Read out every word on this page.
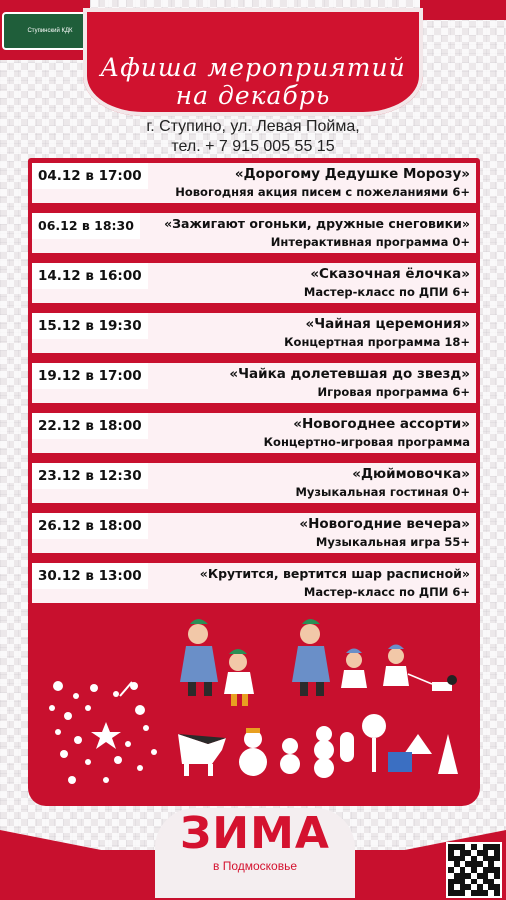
Ступинский КДК
Афиша мероприятий
на декабрь
г. Ступино, ул. Левая Пойма,
тел. + 7 915 005 55 15
04.12 в 17:00	«Дорогому Дедушке Морозу»
Новогодняя акция писем с пожеланиями 6+
06.12 в 18:30	«Зажигают огоньки, дружные снеговики»
Интерактивная программа 0+
14.12 в 16:00	«Сказочная ёлочка»
Мастер-класс по ДПИ 6+
15.12 в 19:30	«Чайная церемония»
Концертная программа 18+
19.12 в 17:00	«Чайка долетевшая до звезд»
Игровая программа 6+
22.12 в 18:00	«Новогоднее ассорти»
Концертно-игровая программа
23.12 в 12:30	«Дюймовочка»
Музыкальная гостиная 0+
26.12 в 18:00	«Новогодние вечера»
Музыкальная игра 55+
30.12 в 13:00	«Крутится, вертится шар расписной»
Мастер-класс по ДПИ 6+
ЗИМА
в Подмосковье
